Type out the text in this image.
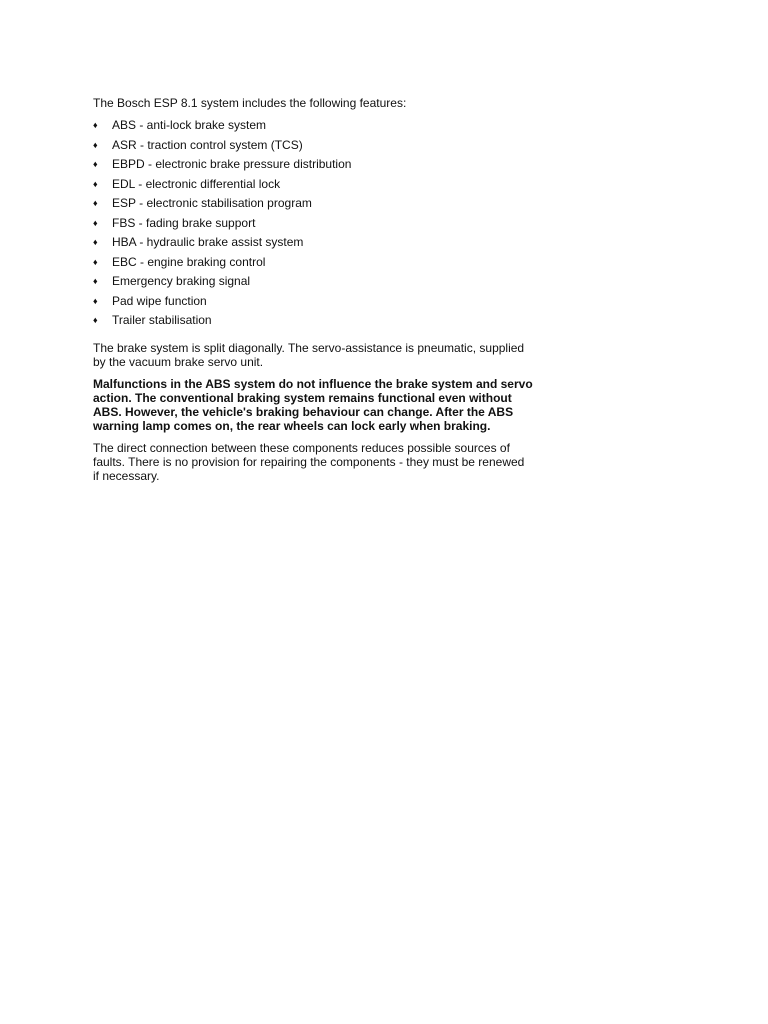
The Bosch ESP 8.1 system includes the following features:

♦	ABS - anti-lock brake system
♦	ASR - traction control system (TCS)
♦	EBPD - electronic brake pressure distribution
♦	EDL - electronic differential lock
♦	ESP - electronic stabilisation program
♦	FBS - fading brake support
♦	HBA - hydraulic brake assist system
♦	EBC - engine braking control
♦	Emergency braking signal
♦	Pad wipe function
♦	Trailer stabilisation

The brake system is split diagonally. The servo-assistance is pneumatic, supplied by the vacuum brake servo unit.

Malfunctions in the ABS system do not influence the brake system and servo action. The conventional braking system remains functional even without ABS. However, the vehicle's braking behaviour can change. After the ABS warning lamp comes on, the rear wheels can lock early when braking.

The direct connection between these components reduces possible sources of faults. There is no provision for repairing the components - they must be renewed if necessary.
